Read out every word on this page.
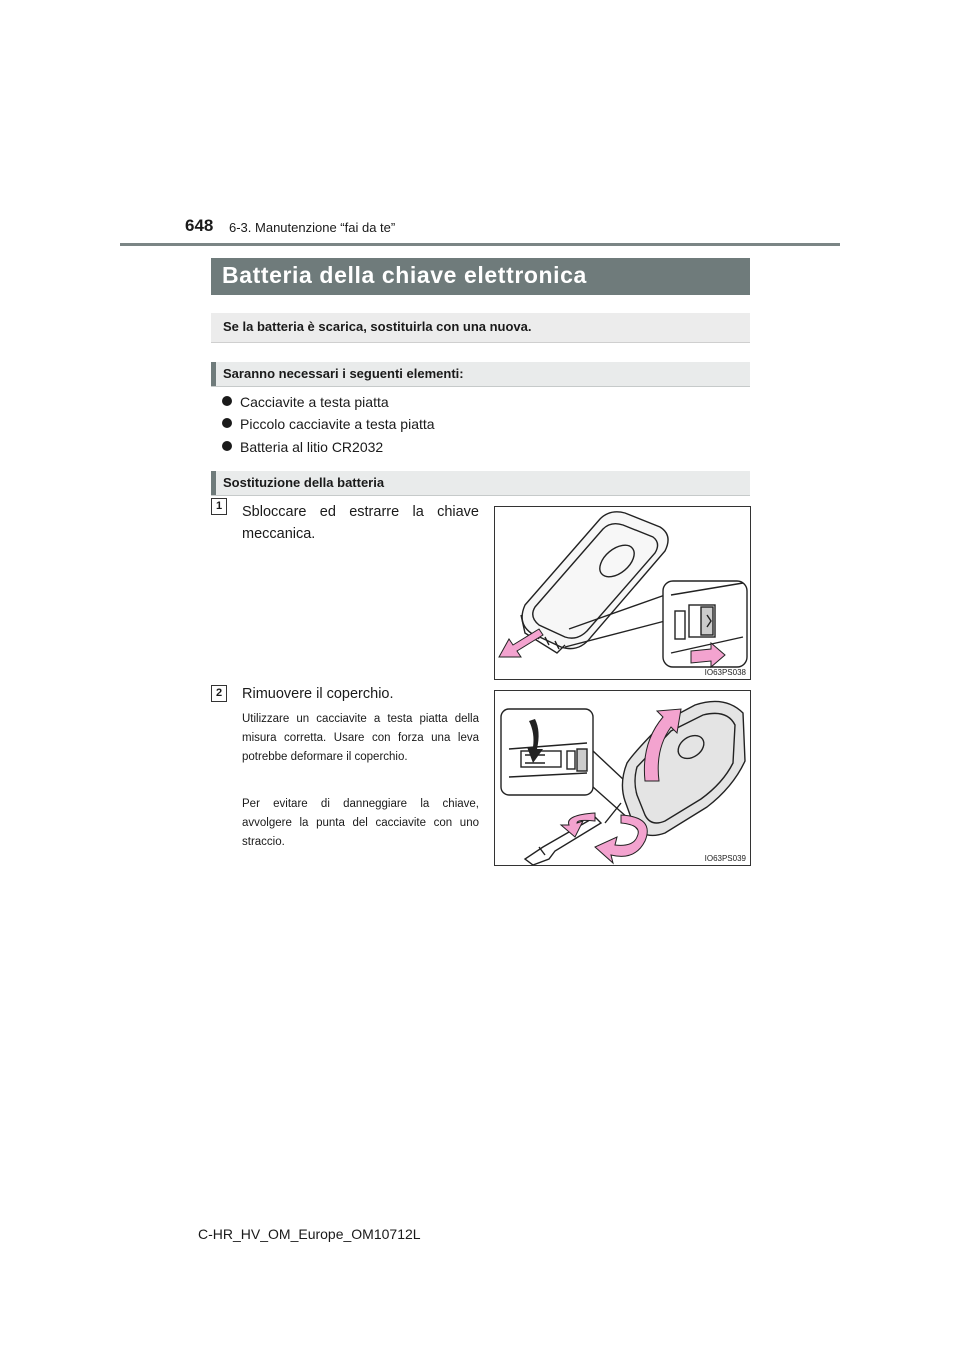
648 6-3. Manutenzione “fai da te”
Batteria della chiave elettronica
Se la batteria è scarica, sostituirla con una nuova.
Saranno necessari i seguenti elementi:
Cacciavite a testa piatta
Piccolo cacciavite a testa piatta
Batteria al litio CR2032
Sostituzione della batteria
1	Sbloccare ed estrarre la chiave meccanica.
IO63PS038
2	Rimuovere il coperchio.
Utilizzare un cacciavite a testa piatta della misura corretta. Usare con forza una leva potrebbe deformare il coperchio.
Per evitare di danneggiare la chiave, avvolgere la punta del cacciavite con uno straccio.
IO63PS039
C-HR_HV_OM_Europe_OM10712L
